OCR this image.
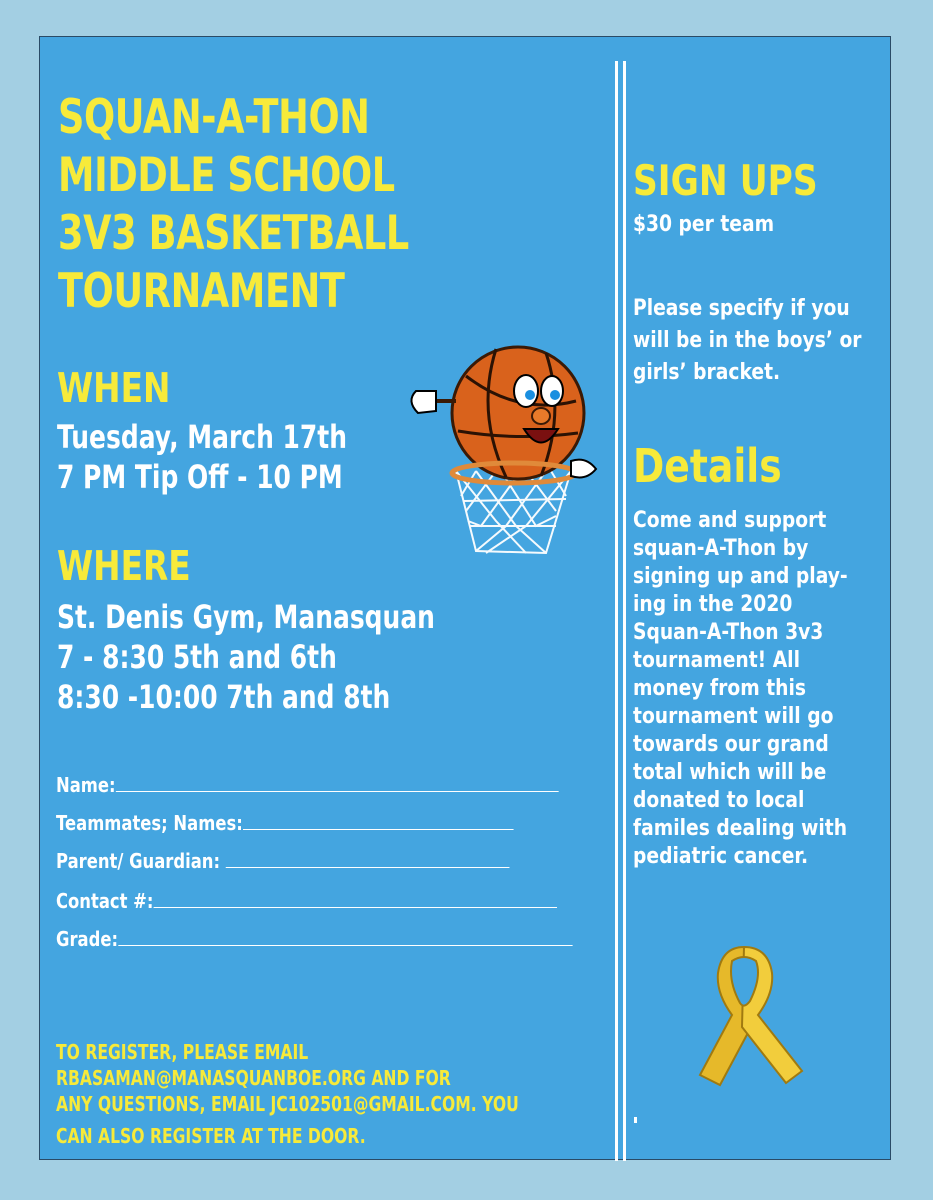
SQUAN-A-THON
MIDDLE SCHOOL
3V3 BASKETBALL
TOURNAMENT
WHEN
Tuesday, March 17th
7 PM Tip Off - 10 PM
WHERE
St. Denis Gym, Manasquan
7 - 8:30 5th and 6th
8:30 -10:00 7th and 8th
Name:
Teammates; Names:
Parent/ Guardian:
Contact #:
Grade:
TO REGISTER, PLEASE EMAIL
RBASAMAN@MANASQUANBOE.ORG AND FOR
ANY QUESTIONS, EMAIL JC102501@GMAIL.COM. YOU
CAN ALSO REGISTER AT THE DOOR.
SIGN UPS
$30 per team
Please specify if you
will be in the boys’ or
girls’ bracket.
Details
Come and support
squan-A-Thon by
signing up and play-
ing in the 2020
Squan-A-Thon 3v3
tournament! All
money from this
tournament will go
towards our grand
total which will be
donated to local
familes dealing with
pediatric cancer.
